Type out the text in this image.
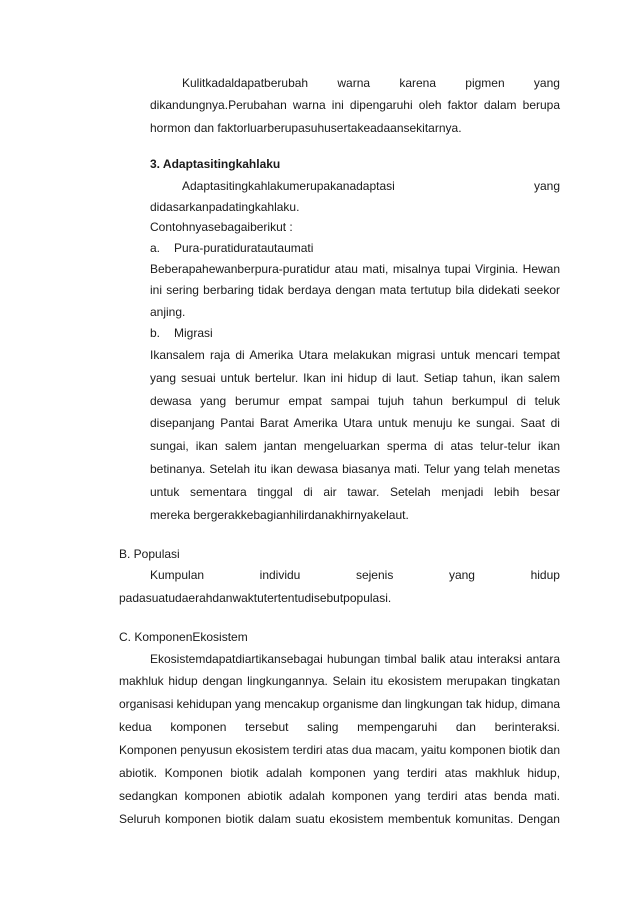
Kulitkadaldapatberubah warna karena pigmen yang
dikandungnya.Perubahan warna ini dipengaruhi oleh faktor dalam berupa
hormon dan faktorluarberupasuhusertakeadaansekitarnya.
3. Adaptasitingkahlaku
Adaptasitingkahlakumerupakanadaptasi	yang
didasarkanpadatingkahlaku.
Contohnyasebagaiberikut :
a. Pura-puratiduratautaumati
Beberapahewanberpura-puratidur atau mati, misalnya tupai Virginia. Hewan
ini sering berbaring tidak berdaya dengan mata tertutup bila didekati seekor
anjing.
b. Migrasi
Ikansalem raja di Amerika Utara melakukan migrasi untuk mencari tempat
yang sesuai untuk bertelur. Ikan ini hidup di laut. Setiap tahun, ikan salem
dewasa yang berumur empat sampai tujuh tahun berkumpul di teluk
disepanjang Pantai Barat Amerika Utara untuk menuju ke sungai. Saat di
sungai, ikan salem jantan mengeluarkan sperma di atas telur-telur ikan
betinanya. Setelah itu ikan dewasa biasanya mati. Telur yang telah menetas
untuk sementara tinggal di air tawar. Setelah menjadi lebih besar
mereka bergerakkebagianhilirdanakhirnyakelaut.
B. Populasi
Kumpulan	individu	sejenis	yang	hidup
padasuatudaerahdanwaktutertentudisebutpopulasi.
C. KomponenEkosistem
Ekosistemdapatdiartikansebagai hubungan timbal balik atau interaksi antara
makhluk hidup dengan lingkungannya. Selain itu ekosistem merupakan tingkatan
organisasi kehidupan yang mencakup organisme dan lingkungan tak hidup, dimana
kedua komponen tersebut saling mempengaruhi dan berinteraksi.
Komponen penyusun ekosistem terdiri atas dua macam, yaitu komponen biotik dan
abiotik. Komponen biotik adalah komponen yang terdiri atas makhluk hidup,
sedangkan komponen abiotik adalah komponen yang terdiri atas benda mati.
Seluruh komponen biotik dalam suatu ekosistem membentuk komunitas. Dengan
